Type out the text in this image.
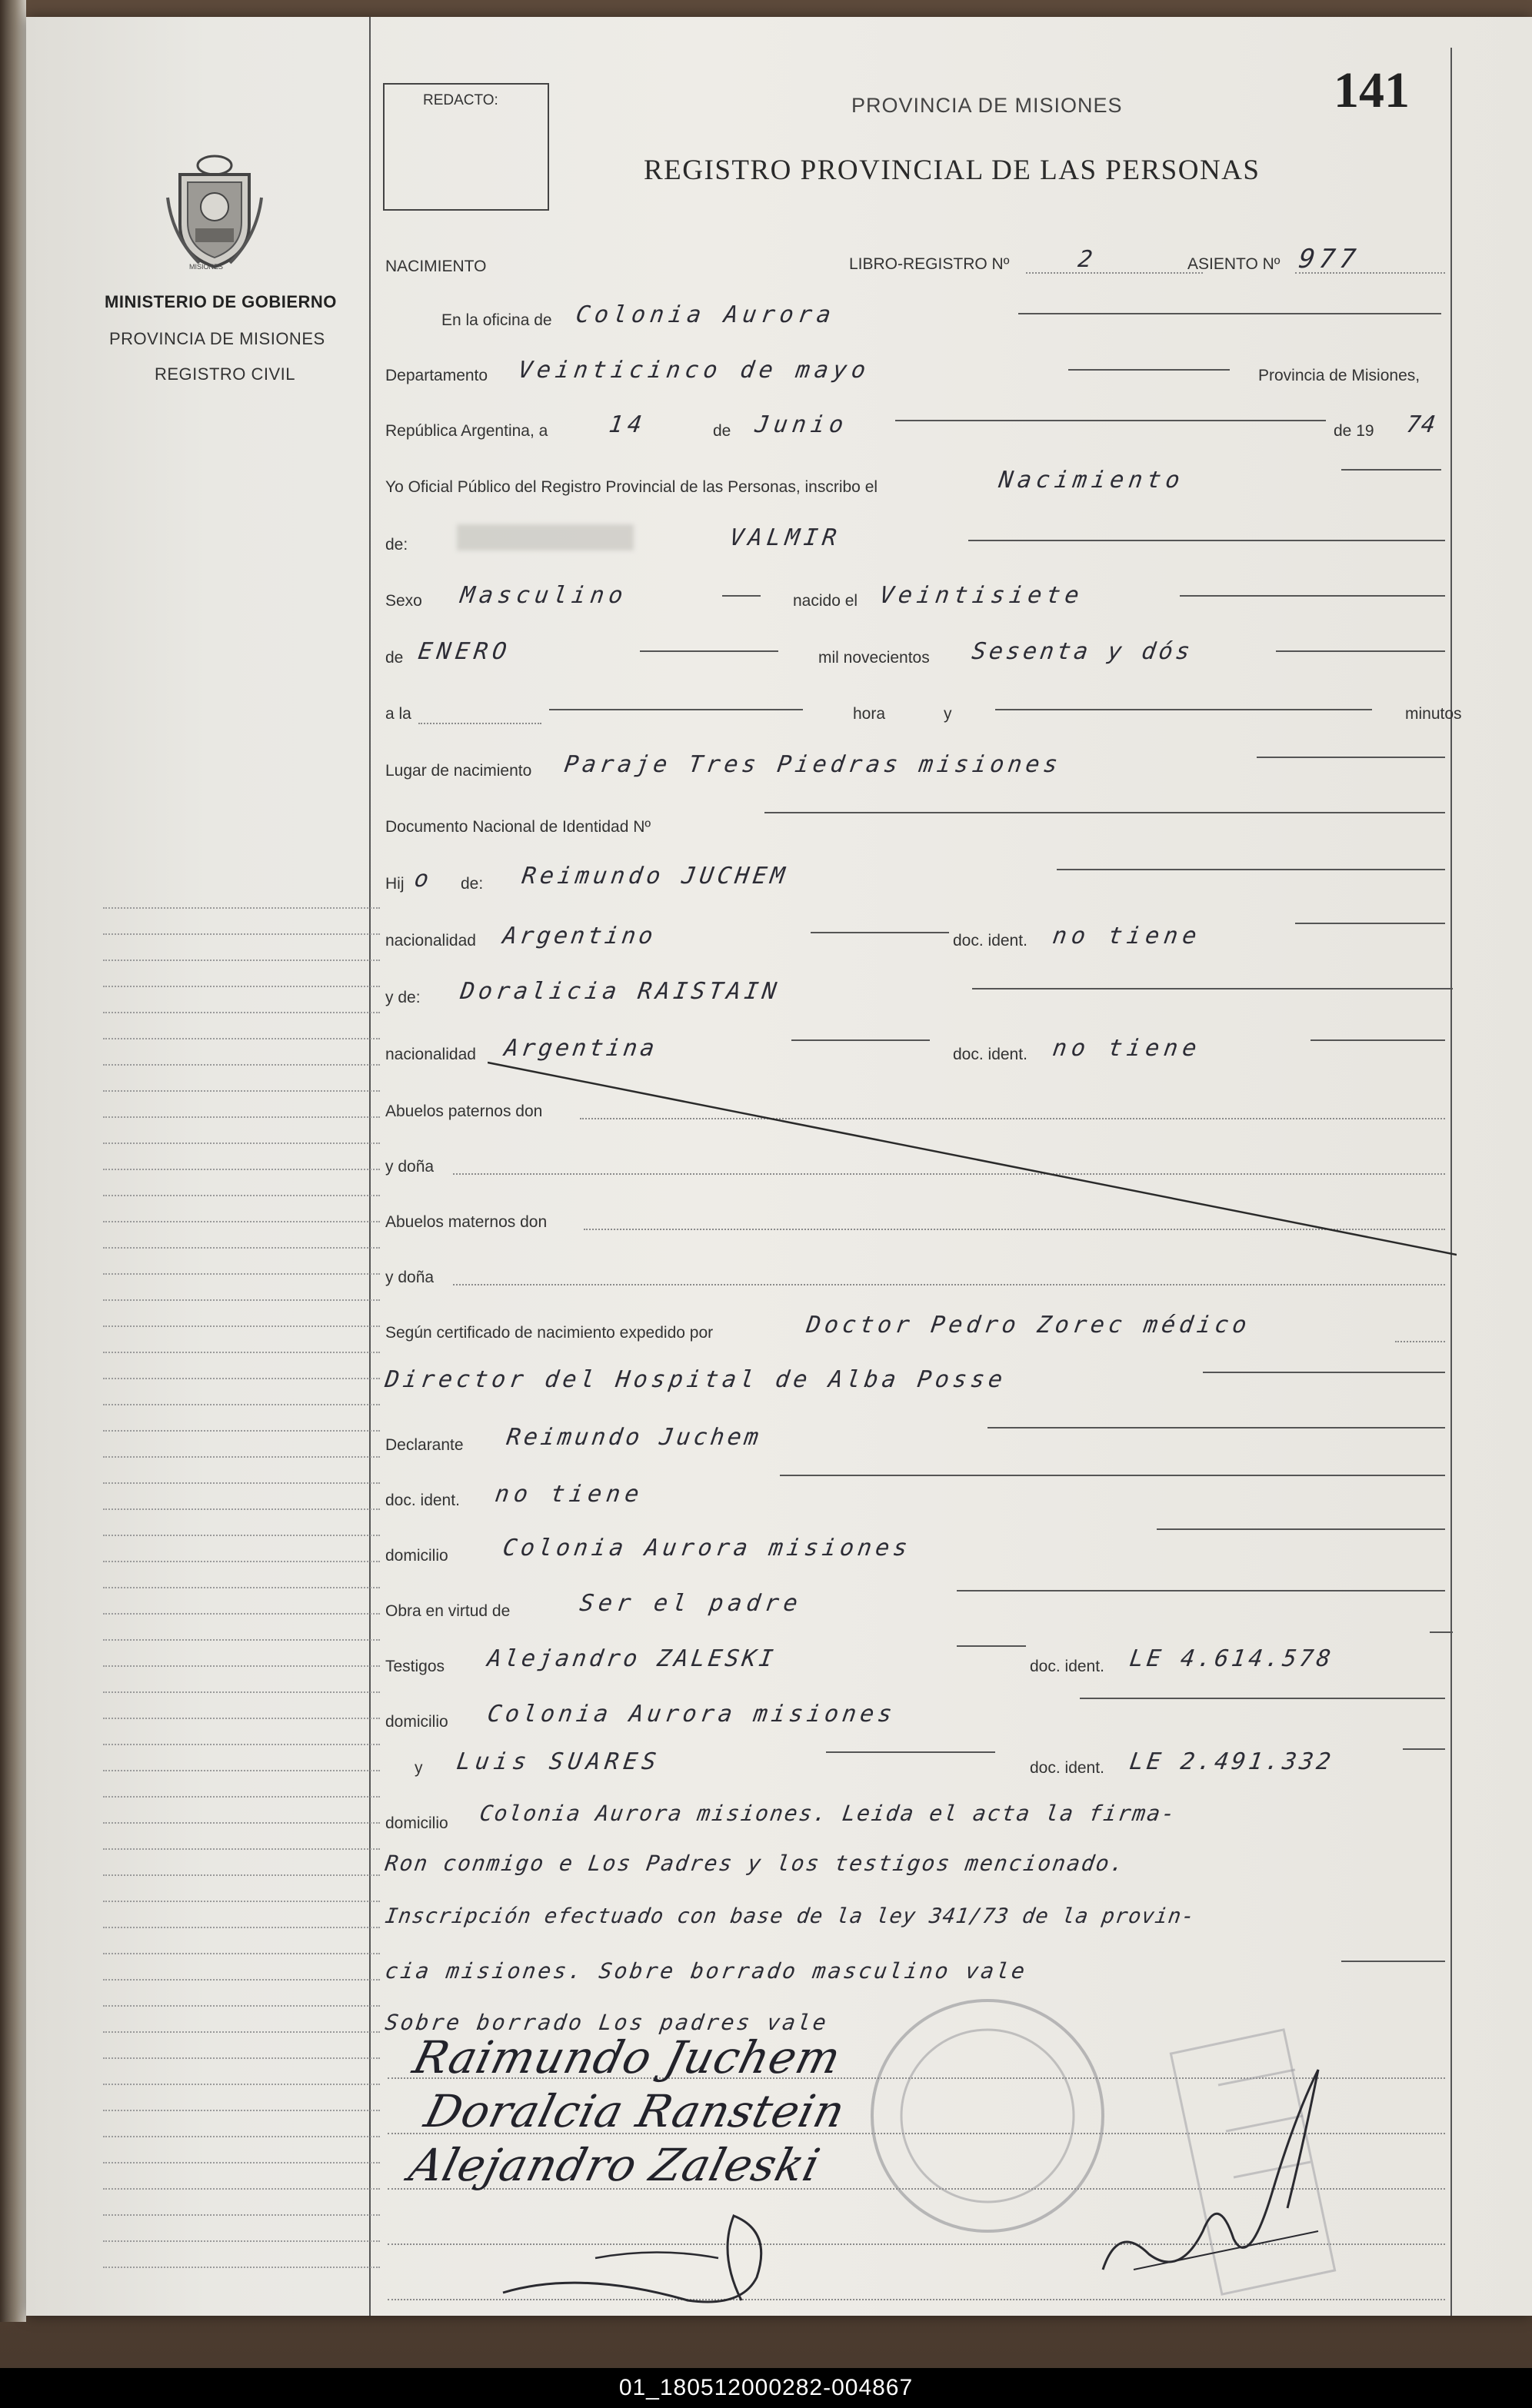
MISIONES
MINISTERIO DE GOBIERNO
PROVINCIA DE MISIONES
REGISTRO CIVIL
REDACTO:	PROVINCIA DE MISIONES
REGISTRO PROVINCIAL DE LAS PERSONAS
141
NACIMIENTO	LIBRO-REGISTRO Nº	2	ASIENTO Nº 977
En la oficina de Colonia Aurora
Departamento Veinticinco de mayo	Provincia de Misiones,
República Argentina, a	14	de Junio	de 19 74
Yo Oficial Público del Registro Provincial de las Personas, inscribo el	Nacimiento
de:	VALMIR
Sexo Masculino	nacido el Veintisiete
de ENERO	mil novecientos Sesenta y dós
a la	hora	y	minutos
Lugar de nacimiento Paraje Tres Piedras misiones
Documento Nacional de Identidad Nº
Hij o de: Reimundo JUCHEM
nacionalidad Argentino	doc. ident. no tiene
y de: Doralicia RAISTAIN
nacionalidad Argentina	doc. ident. no tiene
Abuelos paternos don
y doña
Abuelos maternos don
y doña
Según certificado de nacimiento expedido por	Doctor Pedro Zorec médico
Director del Hospital de Alba Posse
Declarante Reimundo Juchem
doc. ident. no tiene
domicilio Colonia Aurora misiones
Obra en virtud de	Ser el padre
Testigos Alejandro ZALESKI	doc. ident. LE 4.614.578
domicilio Colonia Aurora misiones
y Luis SUARES	doc. ident. LE 2.491.332
domicilio Colonia Aurora misiones. Leida el acta la firma-
Ron conmigo e Los Padres y los testigos mencionado.
Inscripción efectuado con base de la ley 341/73 de la provin-
cia misiones. Sobre borrado masculino vale
Sobre borrado Los padres vale
Raimundo Juchem
Doralcia Ranstein
Alejandro Zaleski
01_180512000282-004867
